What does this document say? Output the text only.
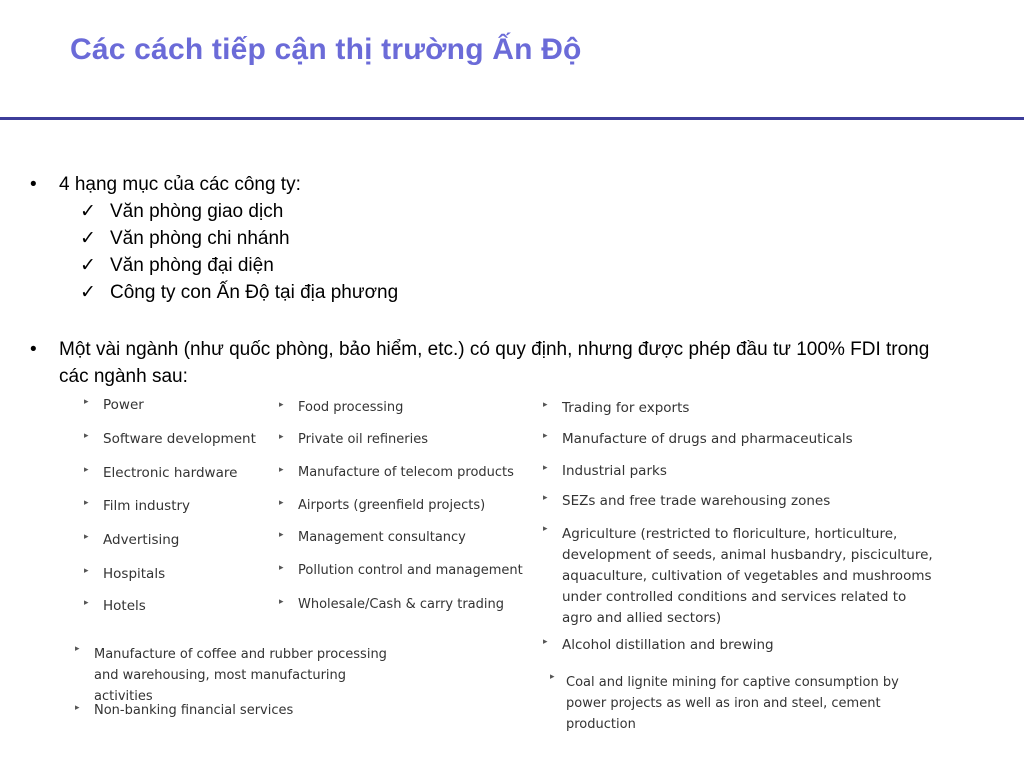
Các cách tiếp cận thị trường Ấn Độ
• 4 hạng mục của các công ty:
✓ Văn phòng giao dịch
✓ Văn phòng chi nhánh
✓ Văn phòng đại diện
✓ Công ty con Ấn Độ tại địa phương
• Một vài ngành (như quốc phòng, bảo hiểm, etc.) có quy định, nhưng được phép đầu tư 100% FDI trong các ngành sau:
▸ Power
▸ Software development
▸ Electronic hardware
▸ Film industry
▸ Advertising
▸ Hospitals
▸ Hotels
▸ Food processing
▸ Private oil refineries
▸ Manufacture of telecom products
▸ Airports (greenfield projects)
▸ Management consultancy
▸ Pollution control and management
▸ Wholesale/Cash & carry trading
▸ Trading for exports
▸ Manufacture of drugs and pharmaceuticals
▸ Industrial parks
▸ SEZs and free trade warehousing zones
▸ Agriculture (restricted to floriculture, horticulture, development of seeds, animal husbandry, pisciculture, aquaculture, cultivation of vegetables and mushrooms under controlled conditions and services related to agro and allied sectors)
▸ Alcohol distillation and brewing
▸ Coal and lignite mining for captive consumption by power projects as well as iron and steel, cement production
▸ Manufacture of coffee and rubber processing and warehousing, most manufacturing activities
▸ Non-banking financial services
